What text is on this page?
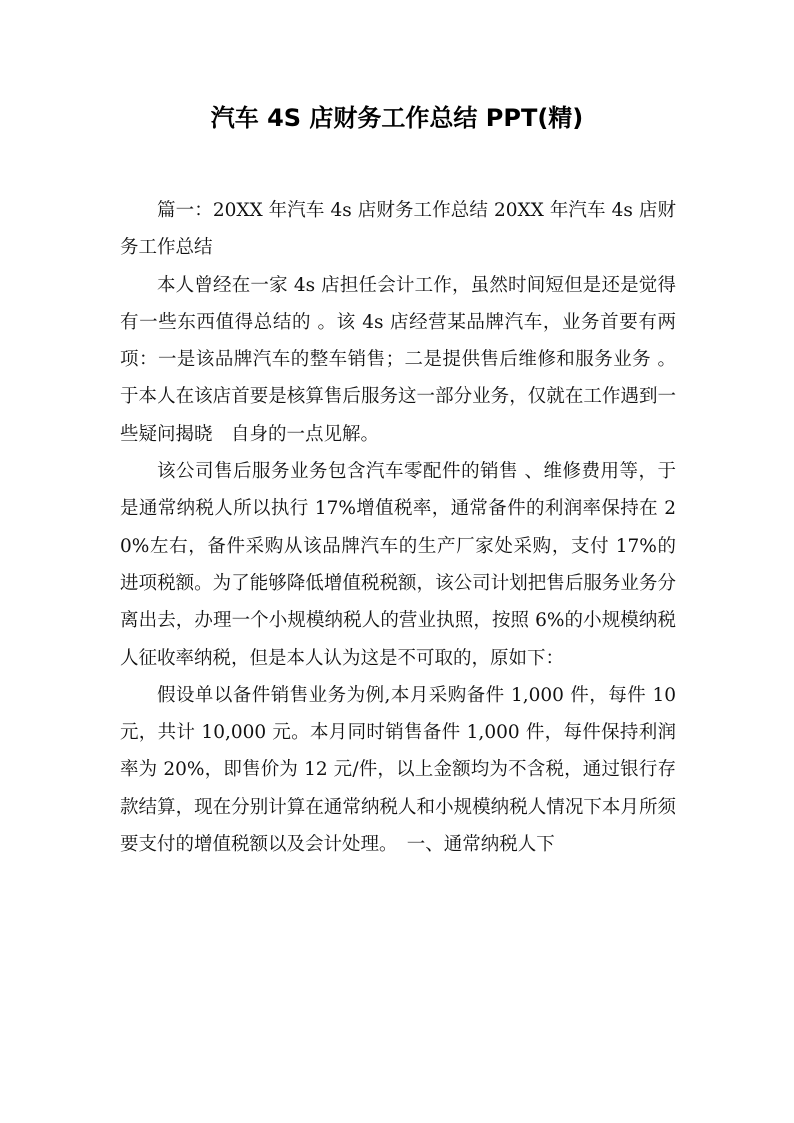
汽车 4S 店财务工作总结 PPT(精)

篇一：20XX 年汽车 4s 店财务工作总结 20XX 年汽车 4s 店财务工作总结

本人曾经在一家 4s 店担任会计工作，虽然时间短但是还是觉得有一些东西值得总结的 。该 4s 店经营某品牌汽车，业务首要有两项：一是该品牌汽车的整车销售；二是提供售后维修和服务业务 。于本人在该店首要是核算售后服务这一部分业务，仅就在工作遇到一些疑问揭晓　自身的一点见解。

该公司售后服务业务包含汽车零配件的销售 、维修费用等，于是通常纳税人所以执行 17%增值税率，通常备件的利润率保持在 20%左右，备件采购从该品牌汽车的生产厂家处采购，支付 17%的进项税额。为了能够降低增值税税额，该公司计划把售后服务业务分离出去，办理一个小规模纳税人的营业执照，按照 6%的小规模纳税人征收率纳税，但是本人认为这是不可取的，原如下：

假设单以备件销售业务为例,本月采购备件 1,000 件，每件 10 元，共计 10,000 元。本月同时销售备件 1,000 件，每件保持利润率为 20%，即售价为 12 元/件，以上金额均为不含税，通过银行存款结算，现在分别计算在通常纳税人和小规模纳税人情况下本月所须要支付的增值税额以及会计处理。　一、通常纳税人下
